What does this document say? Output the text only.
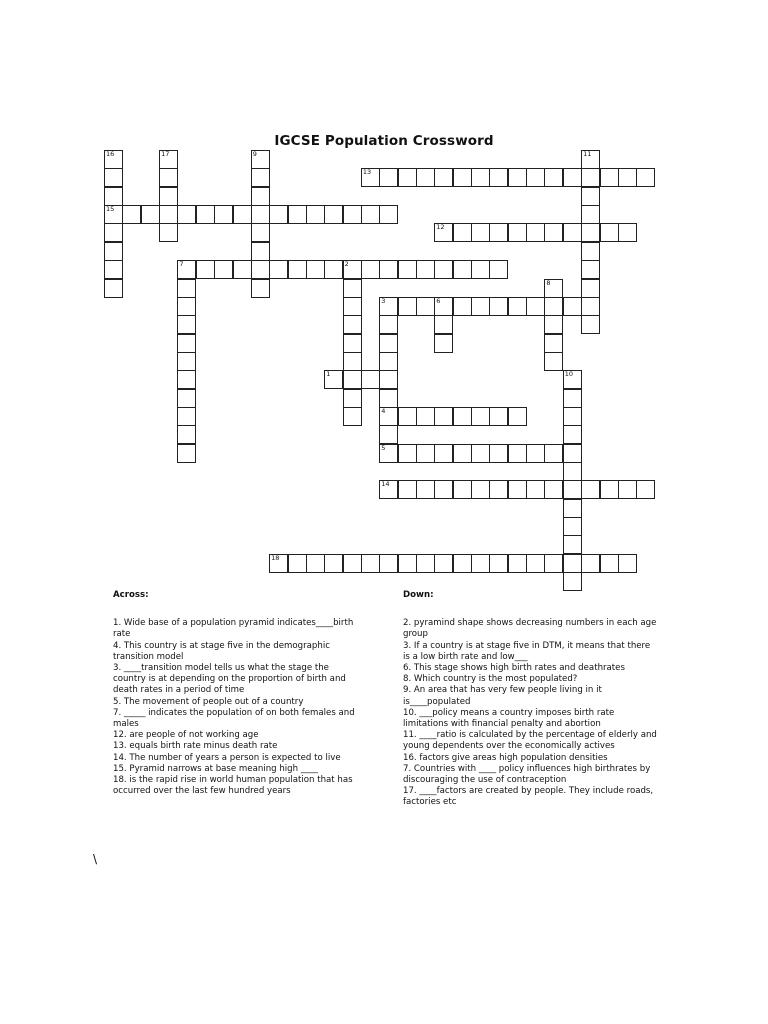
IGCSE Population Crossword
16
15
17	9	11
13
12
7	2
8
3	6
4
5
1	10
14
18
Across:

1. Wide base of a population pyramid indicates____birth rate

4. This country is at stage five in the demographic transition model

3. ____transition model tells us what the stage the country is at depending on the proportion of birth and death rates in a period of time

5. The movement of people out of a country

7. _____ indicates the population of on both females and males

12. are people of not working age

13. equals birth rate minus death rate

14. The number of years a person is expected to live

15. Pyramid narrows at base meaning high ____

18. is the rapid rise in world human population that has occurred over the last few hundred years

Down:

2. pyramind shape shows decreasing numbers in each age group

3. If a country is at stage five in DTM, it means that there is a low birth rate and low___

6. This stage shows high birth rates and deathrates

8. Which country is the most populated?

9. An area that has very few people living in it is____populated

10. ___policy means a country imposes birth rate limitations with financial penalty and abortion

11. ____ratio is calculated by the percentage of elderly and young dependents over the economically actives

16. factors give areas high population densities

7. Countries with ____ policy influences high birthrates by discouraging the use of contraception

17. ____factors are created by people. They include roads, factories etc

\
